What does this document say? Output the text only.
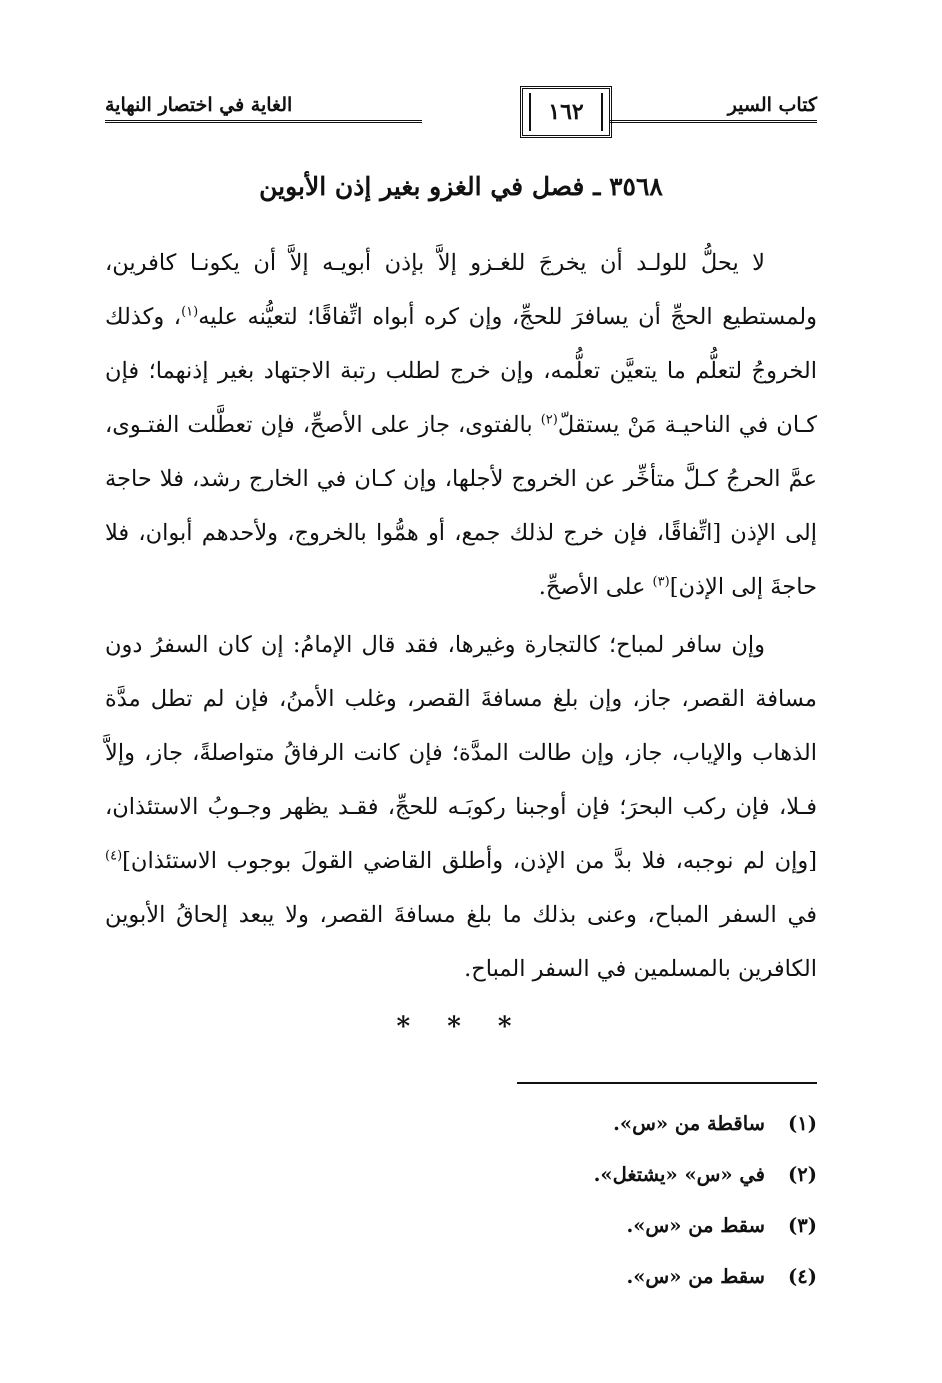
كتاب السير
الغاية في اختصار النهاية	١٦٢
٣٥٦٨ ـ فصل في الغزو بغير إذن الأبوين

لا يحلُّ للولـد أن يخرجَ للغـزو إلاَّ بإذن أبويـه إلاَّ أن يكونـا كافرين، ولمستطيع الحجِّ أن يسافرَ للحجِّ، وإن كره أبواه اتِّفاقًا؛ لتعيُّنه عليه$^{(١)}$، وكذلك الخروجُ لتعلُّم ما يتعيَّن تعلُّمه، وإن خرج لطلب رتبة الاجتهاد بغير إذنهما؛ فإن كـان في الناحيـة مَنْ يستقلّ$^{(٢)}$ بالفتوى، جاز على الأصحِّ، فإن تعطَّلت الفتـوى، عمَّ الحرجُ كـلَّ متأخِّر عن الخروج لأجلها، وإن كـان في الخارج رشد، فلا حاجة إلى الإذن [اتِّفاقًا، فإن خرج لذلك جمع، أو همُّوا بالخروج، ولأحدهم أبوان، فلا حاجةَ إلى الإذن]$^{(٣)}$ على الأصحِّ.

وإن سافر لمباح؛ كالتجارة وغيرها، فقد قال الإمامُ: إن كان السفرُ دون مسافة القصر، جاز، وإن بلغ مسافةَ القصر، وغلب الأمنُ، فإن لم تطل مدَّة الذهاب والإياب، جاز، وإن طالت المدَّة؛ فإن كانت الرفاقُ متواصلةً، جاز، وإلاَّ فـلا، فإن ركب البحرَ؛ فإن أوجبنا ركوبَـه للحجِّ، فقـد يظهر وجـوبُ الاستئذان، [وإن لم نوجبه، فلا بدَّ من الإذن، وأطلق القاضي القولَ بوجوب الاستئذان]$^{(٤)}$ في السفر المباح، وعنى بذلك ما بلغ مسافةَ القصر، ولا يبعد إلحاقُ الأبوين الكافرين بالمسلمين في السفر المباح.

* * *
(١)ساقطة من «س».
(٢)في «س» «يشتغل».
(٣)سقط من «س».
(٤)سقط من «س».
